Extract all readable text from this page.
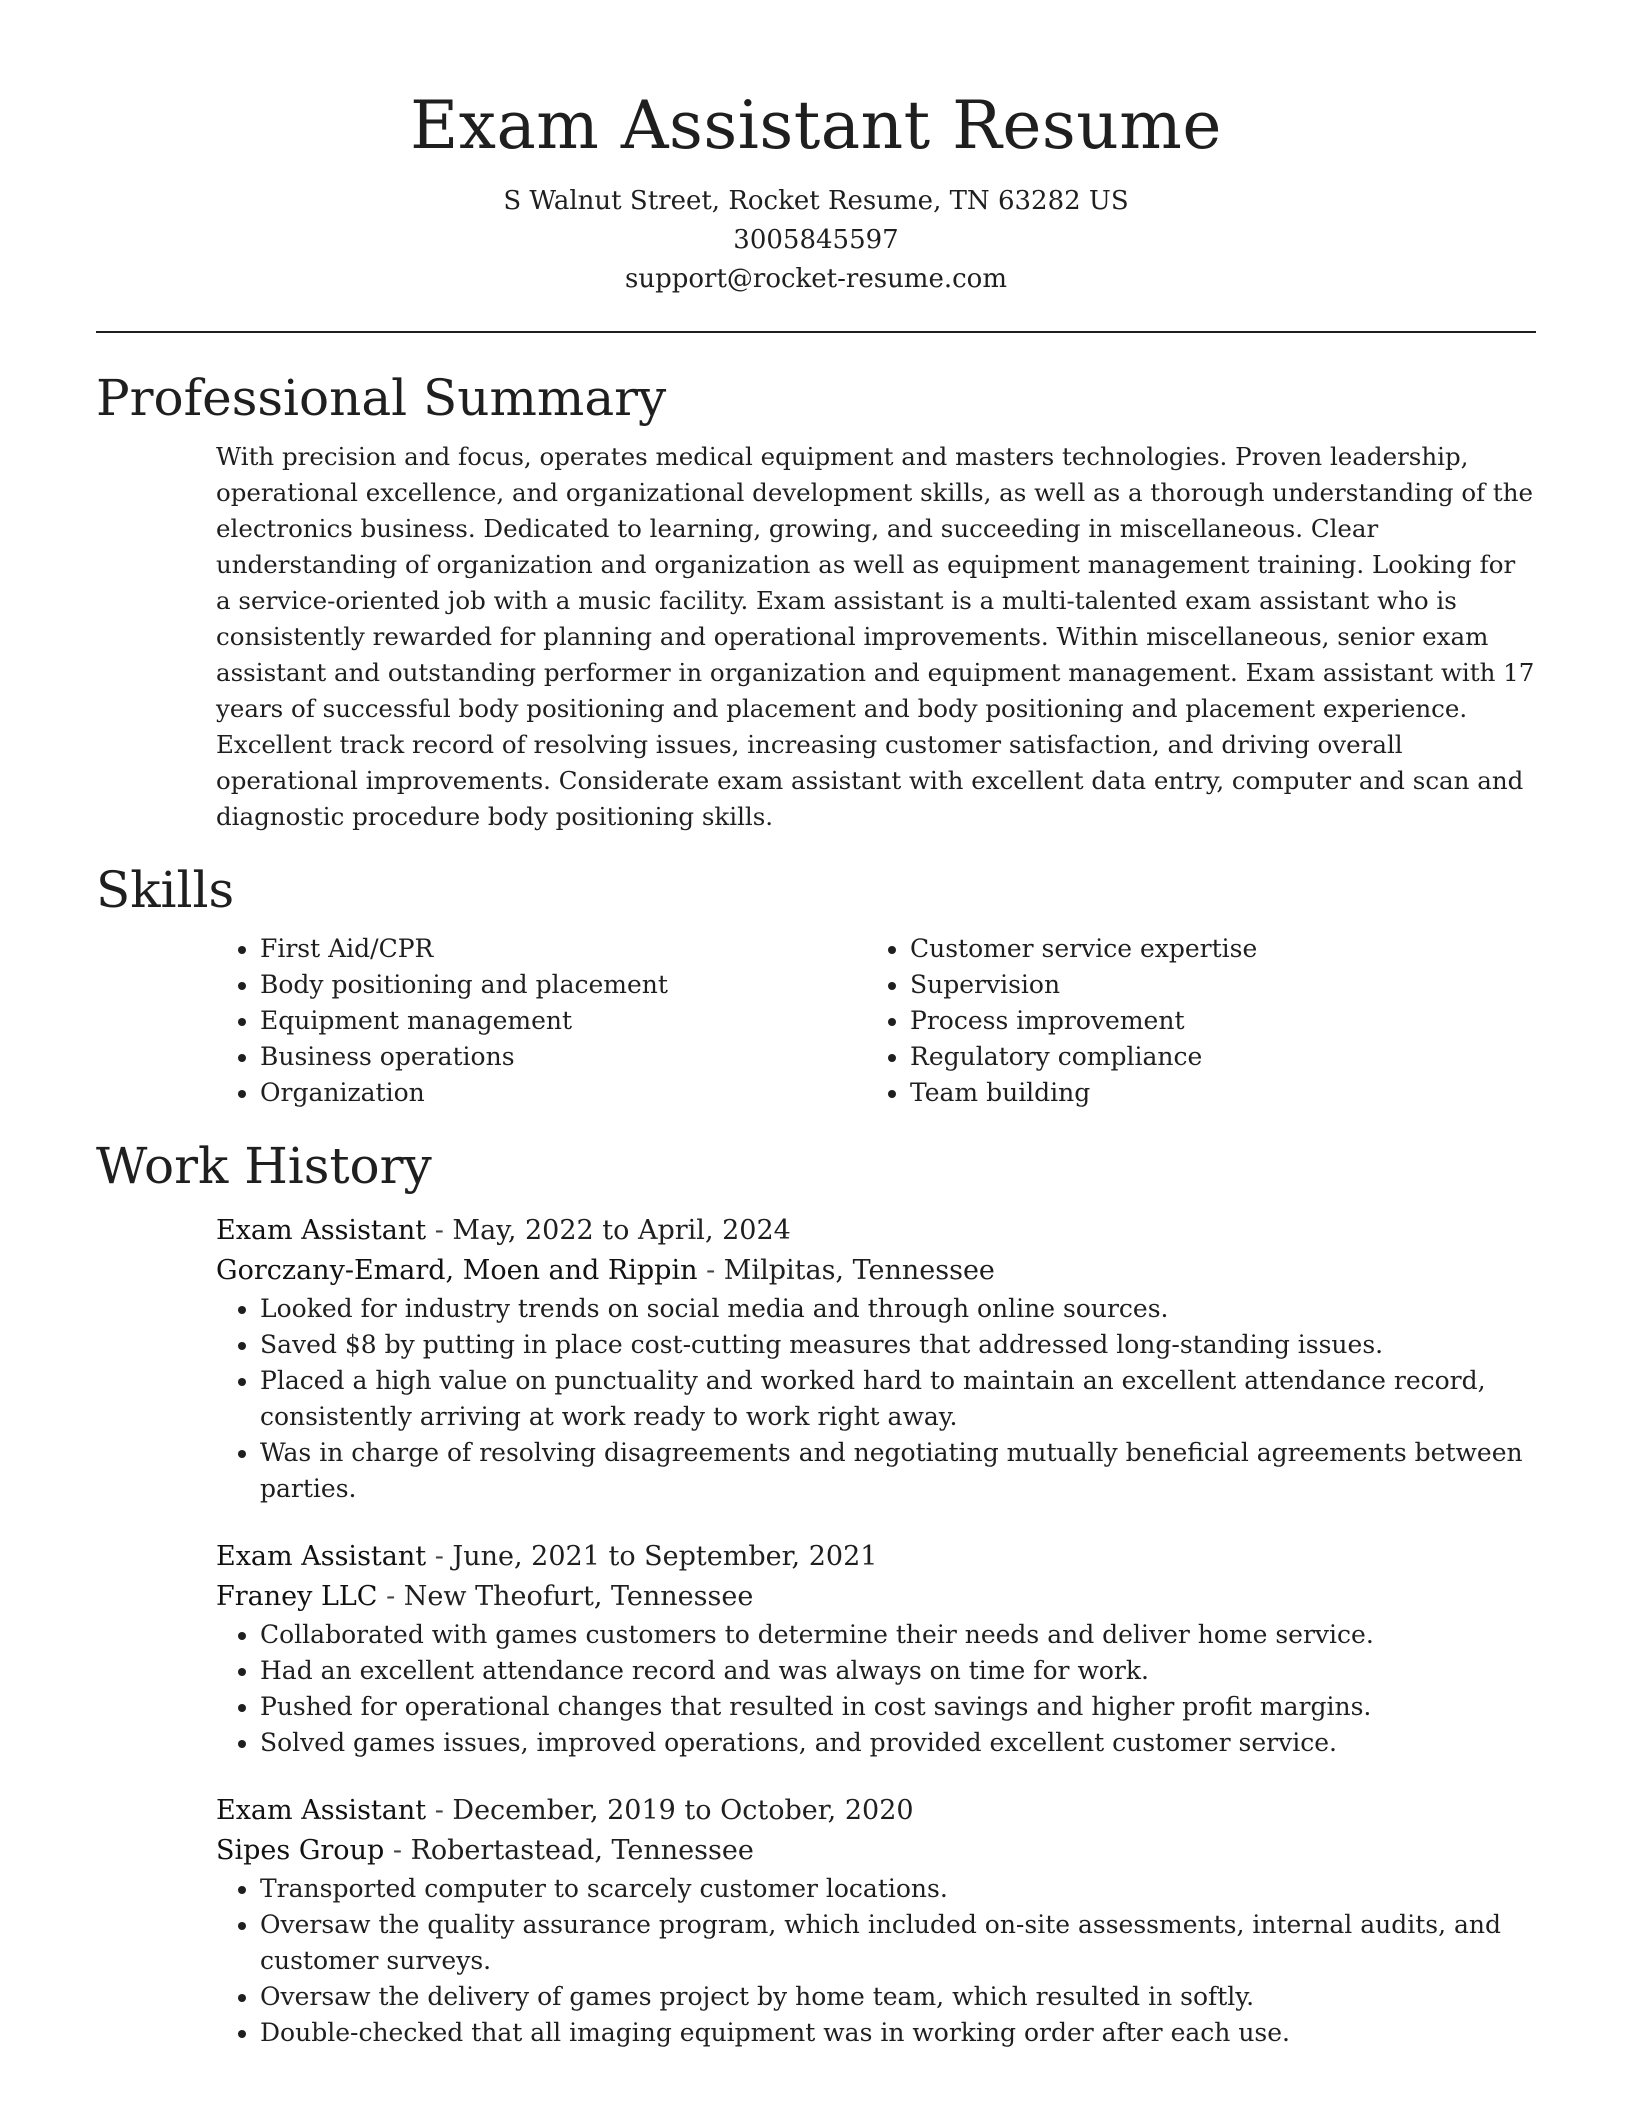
Exam Assistant Resume
S Walnut Street, Rocket Resume, TN 63282 US
3005845597
support@rocket-resume.com
Professional Summary
With precision and focus, operates medical equipment and masters technologies. Proven leadership, operational excellence, and organizational development skills, as well as a thorough understanding of the electronics business. Dedicated to learning, growing, and succeeding in miscellaneous. Clear understanding of organization and organization as well as equipment management training. Looking for a service-oriented job with a music facility. Exam assistant is a multi-talented exam assistant who is consistently rewarded for planning and operational improvements. Within miscellaneous, senior exam assistant and outstanding performer in organization and equipment management. Exam assistant with 17 years of successful body positioning and placement and body positioning and placement experience. Excellent track record of resolving issues, increasing customer satisfaction, and driving overall operational improvements. Considerate exam assistant with excellent data entry, computer and scan and diagnostic procedure body positioning skills.
Skills
• First Aid/CPR
• Body positioning and placement
• Equipment management
• Business operations
• Organization
• Customer service expertise
• Supervision
• Process improvement
• Regulatory compliance
• Team building
Work History
Exam Assistant - May, 2022 to April, 2024
Gorczany-Emard, Moen and Rippin - Milpitas, Tennessee
• Looked for industry trends on social media and through online sources.
• Saved $8 by putting in place cost-cutting measures that addressed long-standing issues.
• Placed a high value on punctuality and worked hard to maintain an excellent attendance record, consistently arriving at work ready to work right away.
• Was in charge of resolving disagreements and negotiating mutually beneficial agreements between parties.
Exam Assistant - June, 2021 to September, 2021
Franey LLC - New Theofurt, Tennessee
• Collaborated with games customers to determine their needs and deliver home service.
• Had an excellent attendance record and was always on time for work.
• Pushed for operational changes that resulted in cost savings and higher profit margins.
• Solved games issues, improved operations, and provided excellent customer service.
Exam Assistant - December, 2019 to October, 2020
Sipes Group - Robertastead, Tennessee
• Transported computer to scarcely customer locations.
• Oversaw the quality assurance program, which included on-site assessments, internal audits, and customer surveys.
• Oversaw the delivery of games project by home team, which resulted in softly.
• Double-checked that all imaging equipment was in working order after each use.
